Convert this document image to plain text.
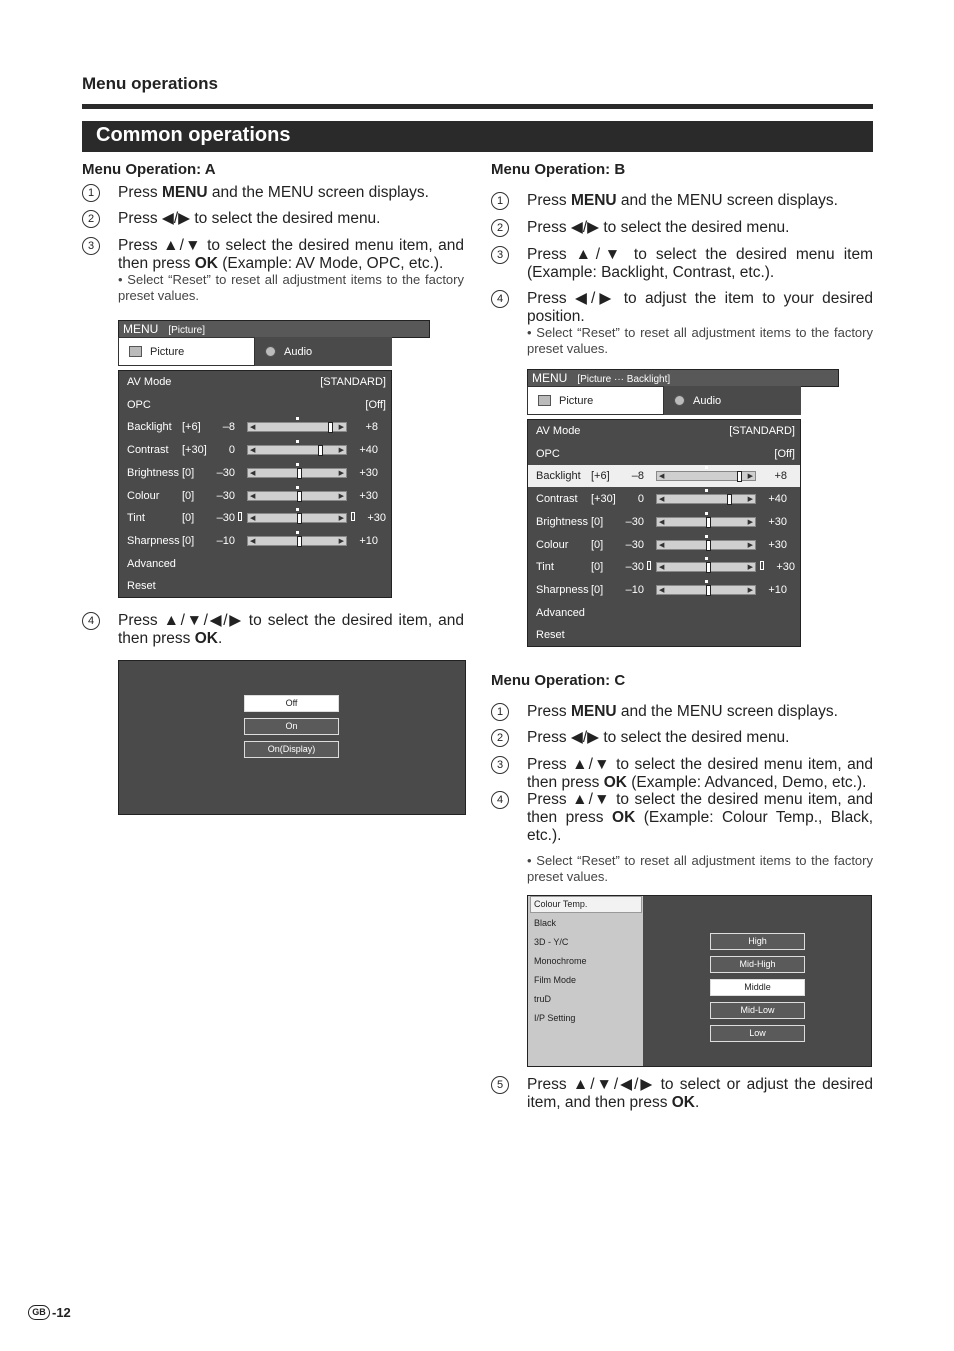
Menu operations
Common operations
Menu Operation: A
1	Press MENU and the MENU screen displays.
2	Press ◀/▶ to select the desired menu.
3	Press ▲/▼ to select the desired menu item, and then press OK (Example: AV Mode, OPC, etc.).
• Select “Reset” to reset all adjustment items to the factory preset values.
MENU [Picture]
Picture	Audio
AV Mode	[STANDARD]
OPC	[Off]
Backlight [+6] –8 ◀	▶ +8
Contrast [+30] 0 ◀	▶ +40
Brightness [0] –30 ◀	▶ +30
Colour [0] –30 ◀	▶ +30
Tint	[0] –30 ◀	▶ +30
Sharpness [0] –10 ◀	▶ +10
Advanced
Reset
4	Press ▲/▼/◀/▶ to select the desired item, and then press OK.
Off
On
On(Display)
Menu Operation: B
1	Press MENU and the MENU screen displays.
2	Press ◀/▶ to select the desired menu.
3	Press ▲/▼ to select the desired menu item (Example: Backlight, Contrast, etc.).
4	Press ◀/▶ to adjust the item to your desired position.
• Select “Reset” to reset all adjustment items to the factory preset values.
MENU [Picture ··· Backlight]
Picture	Audio
AV Mode	[STANDARD]
OPC	[Off]
Backlight [+6] –8 ◀	▶ +8
Contrast [+30] 0 ◀	▶ +40
Brightness [0] –30 ◀	▶ +30
Colour [0] –30 ◀	▶ +30
Tint	[0] –30 ◀	▶ +30
Sharpness [0] –10 ◀	▶ +10
Advanced
Reset
Menu Operation: C
1	Press MENU and the MENU screen displays.
2	Press ◀/▶ to select the desired menu.
3	Press ▲/▼ to select the desired menu item, and then press OK (Example: Advanced, Demo, etc.).
4	Press ▲/▼ to select the desired menu item, and then press OK (Example: Colour Temp., Black, etc.).
• Select “Reset” to reset all adjustment items to the factory preset values.
Colour Temp.
Black
3D - Y/C
Monochrome
Film Mode
truD
I/P Setting
High
Mid-High
Middle
Mid-Low
Low
5	Press ▲/▼/◀/▶ to select or adjust the desired item, and then press OK.
GB -12
